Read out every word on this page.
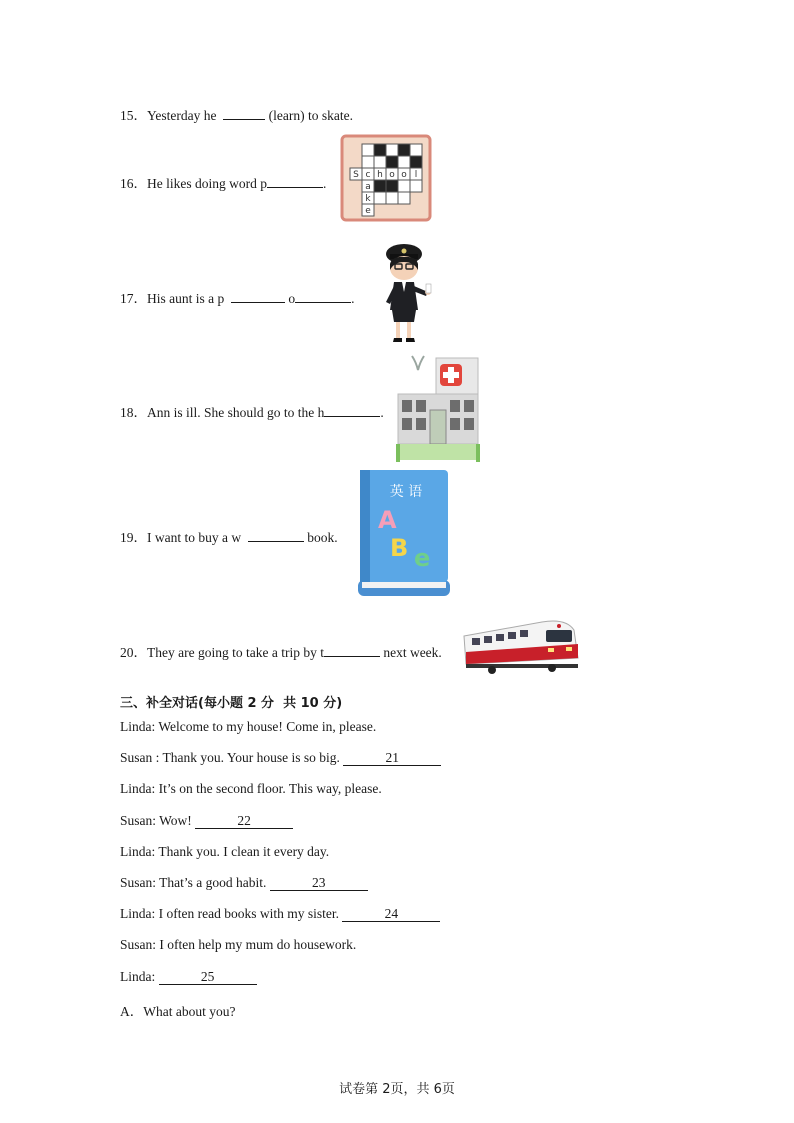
15．Yesterday he	(learn) to skate.
16．He likes doing word p	.
S c h o o l
a
k
e
17．His aunt is a p	o	.
18．Ann is ill. She should go to the h	.
19．I want to buy a w	book.
英 语
A
B e
20．They are going to take a trip by t	next week.
三、补全对话(每小题 2 分  共 10 分)
Linda: Welcome to my house! Come in, please.
Susan : Thank you. Your house is so big.	21
Linda: It’s on the second floor. This way, please.
Susan: Wow!	22
Linda: Thank you. I clean it every day.
Susan: That’s a good habit.	23
Linda: I often read books with my sister.	24
Susan: I often help my mum do housework.
Linda:	25
A．What about you?
试卷第 2页，共 6页
